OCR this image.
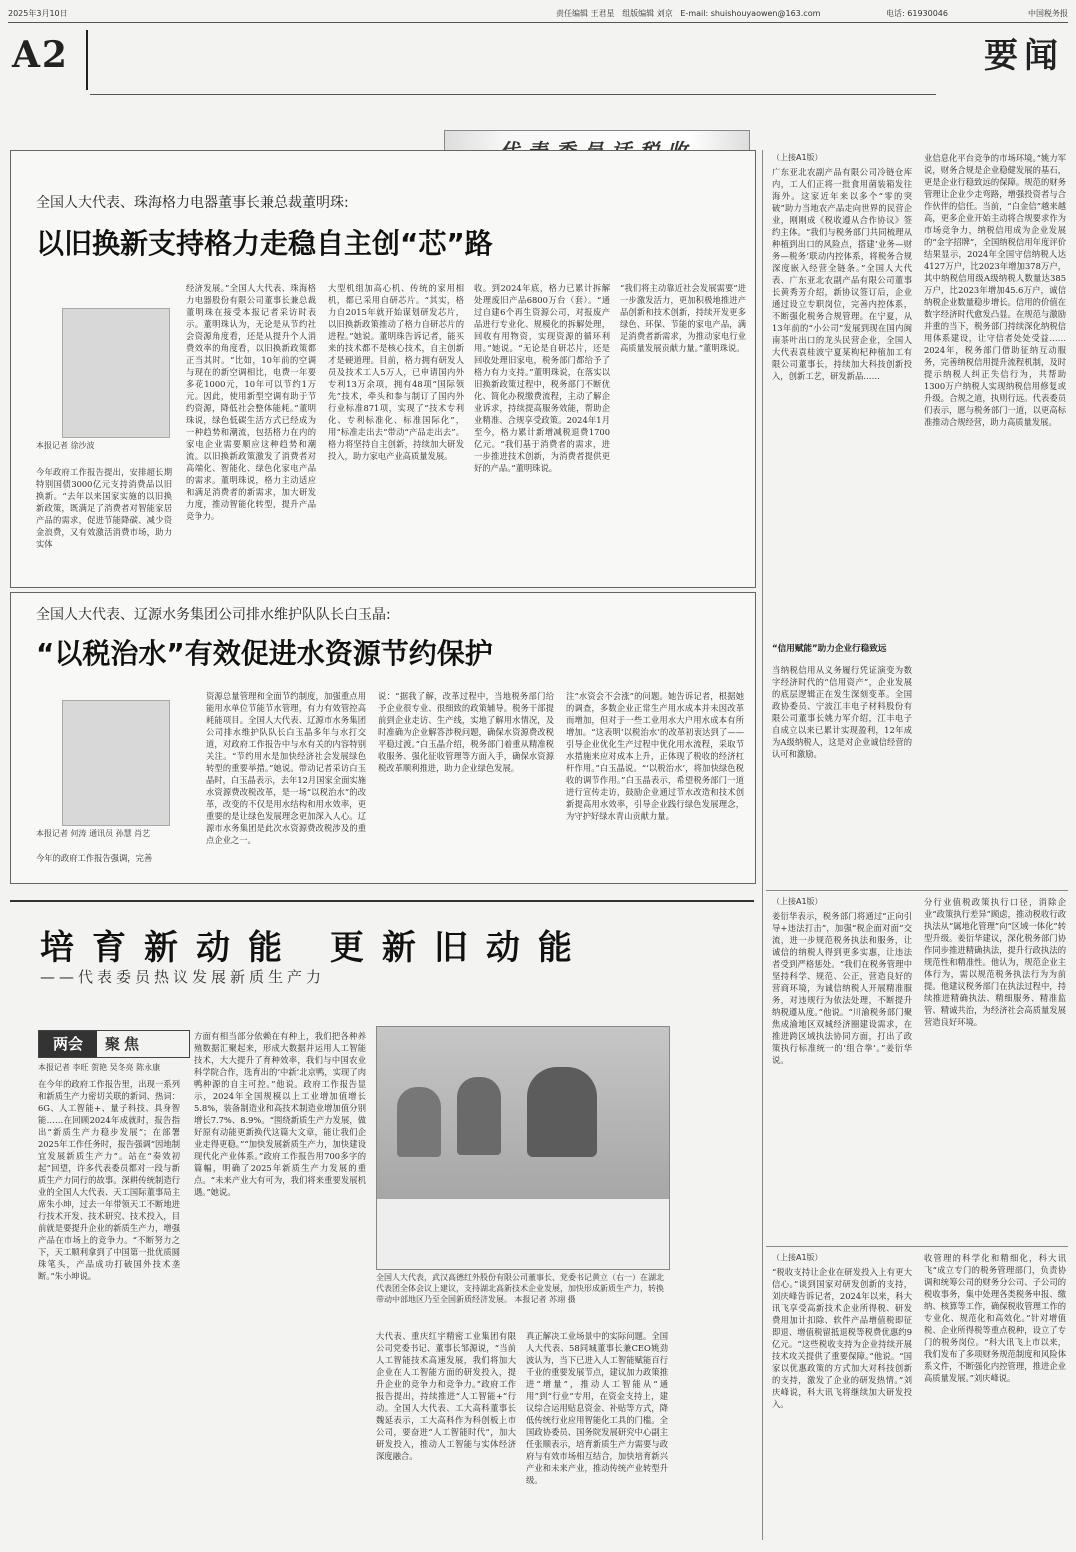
2025年3月10日	责任编辑 王君星 组版编辑 刘京 E-mail: shuishouyaowen@163.com	电话: 61930046	中国税务报
A2	要闻
全国人大代表、珠海格力电器董事长兼总裁董明珠:
以旧换新支持格力走稳自主创“芯”路
本报记者 徐沙波
今年政府工作报告提出，安排超长期特别国债3000亿元支持消费品以旧换新。“去年以来国家实施的以旧换新政策，既满足了消费者对智能家居产品的需求，促进节能降碳、减少资金浪费，又有效激活消费市场，助力实体
经济发展。”全国人大代表、珠海格力电器股份有限公司董事长兼总裁董明珠在接受本报记者采访时表示。董明珠认为，无论是从节约社会资源角度看，还是从提升个人消费效率的角度看，以旧换新政策都正当其时。“比如，10年前的空调与现在的新空调相比，电费一年要多花1000元，10年可以节约1万元。因此，使用新型空调有助于节约资源，降低社会整体能耗。”董明珠说，绿色低碳生活方式已经成为一种趋势和潮流，包括格力在内的家电企业需要顺应这种趋势和潮流。以旧换新政策激发了消费者对高端化、智能化、绿色化家电产品的需求。董明珠说，格力主动适应和满足消费者的新需求，加大研发力度，推动智能化转型，提升产品竞争力。
大型机组加高心机、传统的家用相机，都已采用自研芯片。“其实，格力自2015年就开始谋划研发芯片，以旧换新政策推动了格力自研芯片的进程。”她说。董明珠告诉记者，能买来的技术都不是核心技术，自主创新才是硬道理。目前，格力拥有研发人员及技术工人5万人，已申请国内外专利13万余项，拥有48项“国际领先”技术，牵头和参与制订了国内外行业标准871项，实现了“技术专利化、专利标准化、标准国际化”，用“标准走出去”带动“产品走出去”。格力将坚持自主创新，持续加大研发投入，助力家电产业高质量发展。
收。到2024年底，格力已累计拆解处理废旧产品6800万台（套）。“通过自建6个再生资源公司，对报废产品进行专业化、规模化的拆解处理，回收有用物资，实现资源的循环利用。”她说。“无论是自研芯片，还是回收处理旧家电，税务部门都给予了格力有力支持。”董明珠说，在落实以旧换新政策过程中，税务部门不断优化、简化办税缴费流程，主动了解企业诉求，持续提高服务效能，帮助企业精准、合规享受政策。2024年1月至今，格力累计新增减税退费1700亿元。“我们基于消费者的需求，进一步推进技术创新，为消费者提供更好的产品。”董明珠说。
“我们将主动靠近社会发展需要”进一步激发活力，更加积极地推进产品创新和技术创新，持续开发更多绿色、环保、节能的家电产品，满足消费者新需求，为推动家电行业高质量发展贡献力量。”董明珠说。
全国人大代表、辽源水务集团公司排水维护队队长白玉晶:
“以税治水”有效促进水资源节约保护
本报记者 何涛 通讯员 孙慧 肖艺
今年的政府工作报告强调，完善
资源总量管理和全面节约制度，加强重点用能用水单位节能节水管理，有力有效管控高耗能项目。全国人大代表、辽源市水务集团公司排水维护队队长白玉晶多年与水打交道，对政府工作报告中与水有关的内容特别关注。“节约用水是加快经济社会发展绿色转型的重要举措。”她说。带动记者采访白玉晶时，白玉晶表示，去年12月国家全面实施水资源费改税改革，是一场“以税治水”的改革，改变的不仅是用水结构和用水效率，更重要的是让绿色发展理念更加深入人心。辽源市水务集团是此次水资源费改税涉及的重点企业之一。
说：“据我了解，改革过程中，当地税务部门给予企业很专业、很细致的政策辅导。税务干部提前到企业走访、生产线，实地了解用水情况，及时准确为企业解答涉税问题，确保水资源费改税平稳过渡。”白玉晶介绍，税务部门着重从精准税收服务、强化征收管理等方面入手，确保水资源税改革顺利推进，助力企业绿色发展。
注“水资会不会涨”的问题。她告诉记者，根据她的调查，多数企业正常生产用水成本并未因改革而增加，但对于一些工业用水大户用水成本有所增加。“这表明‘以税治水’的改革初衷达到了——引导企业优化生产过程中优化用水流程，采取节水措施来应对成本上升，正体现了税收的经济杠杆作用。”白玉晶说。“‘以税治水’，将加快绿色税收的调节作用。”白玉晶表示，希望税务部门一道进行宣传走访，鼓励企业通过节水改造和技术创新提高用水效率，引导企业践行绿色发展理念，为守护好绿水青山贡献力量。
（上接A1版）
广东亚北农副产品有限公司冷链仓库内，工人们正将一批食用菌装箱发往海外。这家近年来以多个“零的突破”助力当地农产品走向世界的民营企业，刚刚成《税收遵从合作协议》签约主体。“我们与税务部门共同梳理从种植到出口的风险点，搭建‘业务—财务—税务’联动内控体系，将税务合规深度嵌入经营全链条。”全国人大代表、广东亚北农副产品有限公司董事长黄秀芳介绍，新协议签订后，企业通过设立专职岗位，完善内控体系，不断强化税务合规管理。在宁夏，从13年前的“小公司”发展到现在国内闽南茶叶出口的龙头民营企业，全国人大代表袁桂波宁夏某枸杞种植加工有限公司董事长，持续加大科技创新投入，创新工艺，研发新品……
“信用赋能”助力企业行稳致远
当纳税信用从义务履行凭证演变为数字经济时代的“信用资产”，企业发展的底层逻辑正在发生深刻变革。全国政协委员、宁波江丰电子材料股份有限公司董事长姚力军介绍，江丰电子自成立以来已累计实现盈利，12年成为A级纳税人，这是对企业诚信经营的认可和激励。
业信息化平台竞争的市场环境。”姚力军说，财务合规是企业稳健发展的基石，更是企业行稳致远的保障。规范的财务管理让企业少走弯路，增强投资者与合作伙伴的信任。当前，“白金信”越来越高，更多企业开始主动将合规要求作为市场竞争力，纳税信用成为企业发展的“金字招牌”，全国纳税信用年度评价结果显示，2024年全国守信纳税人达4127万户，比2023年增加378万户，其中纳税信用级A级纳税人数量达385万户，比2023年增加45.6万户，诚信纳税企业数量稳步增长。信用的价值在数字经济时代愈发凸显。在规范与激励并重的当下，税务部门持续深化纳税信用体系建设，让守信者处处受益……2024年，税务部门借助征纳互动服务，完善纳税信用提升流程机制，及时提示纳税人纠正失信行为，共帮助1300万户纳税人实现纳税信用修复或升级。合规之道，执则行远。代表委员们表示，愿与税务部门一道，以更高标准推动合规经营，助力高质量发展。
（上接A1版）
姜衍华表示，税务部门将通过“正向引导+违法打击”，加强“税企面对面”交流，进一步规范税务执法和服务，让诚信的纳税人得到更多实惠，让违法者受到严格惩处。“我们在税务管理中坚持科学、规范、公正，营造良好的营商环境，为诚信纳税人开展精准服务，对违规行为依法处理，不断提升纳税遵从度。”他说。“川渝税务部门聚焦成渝地区双城经济圈建设需求，在推进跨区域执法协同方面，打出了政策执行标准统一的‘组合拳’。”姜衍华说。
分行业值税政策执行口径，消除企业“政策执行差异”顾虑，推动税收行政执法从“属地化管理”向“区域一体化”转型升级。姜衍华建议，深化税务部门协作同步推进精确执法，提升行政执法的规范性和精准性。他认为，规范企业主体行为，需以规范税务执法行为为前提。他建议税务部门在执法过程中，持续推进精确执法、精细服务、精准监管、精诚共治，为经济社会高质量发展营造良好环境。
（上接A1版）
“税收支持让企业在研发投入上有更大信心。”谈到国家对研发创新的支持，刘庆峰告诉记者，2024年以来，科大讯飞享受高新技术企业所得税、研发费用加计扣除、软件产品增值税即征即退、增值税留抵退税等税费优惠约9亿元。“这些税收支持为企业持续开展技术攻关提供了重要保障。”他说。“国家以优惠政策的方式加大对科技创新的支持，激发了企业的研发热情。”刘庆峰说，科大讯飞将继续加大研发投入。
收管理的科学化和精细化，科大讯飞“成立专门的税务管理部门，负责协调和统筹公司的财务分公司、子公司的税收事务，集中处理各类税务申报、缴纳、核算等工作，确保税收管理工作的专业化、规范化和高效化。”针对增值税、企业所得税等重点税种，设立了专门的税务岗位。“科大讯飞上市以来，我们发布了多项财务规范制度和风险体系文件，不断强化内控管理，推进企业高质量发展。”刘庆峰说。
培育新动能 更新旧动能
——代表委员热议发展新质生产力
两会	聚焦
本报记者 李旺 贺艳 吴冬亮 陈永康
在今年的政府工作报告里，出现一系列和新质生产力密切关联的新词、热词：6G、人工智能+、量子科技、具身智能……在回顾2024年成就时，报告指出“新质生产力稳步发展”；在部署2025年工作任务时，报告强调“因地制宜发展新质生产力”。站在“奏效初起”回望，许多代表委员都对一段与新质生产力同行的故事。深耕传统制造行业的全国人大代表、天工国际董事局主席朱小坤，过去一年带领天工不断地进行技术开发、技术研究、技术投入，目前就是要提升企业的新质生产力，增强产品在市场上的竞争力。“不断努力之下，天工顺利拿到了中国第一批优质圆珠笔头，产品成功打破国外技术垄断。”朱小坤说。
方面有相当部分依赖在有种上，我们把各种养殖数据汇聚起来，形成大数据并运用人工智能技术，大大提升了育种效率，我们与中国农业科学院合作，选育出的‘中新’北京鸭，实现了肉鸭种源的自主可控。”他说。政府工作报告显示，2024年全国规模以上工业增加值增长5.8%，装备制造业和高技术制造业增加值分别增长7.7%、8.9%。“围绕新质生产力发展，做好原有动能更新换代这篇大文章，能让我们企业走得更稳。”“加快发展新质生产力，加快建设现代化产业体系。”政府工作报告用700多字的篇幅，明确了2025年新质生产力发展的重点。“未来产业大有可为，我们将来重要发展机遇。”她说。
全国人大代表，武汉高德红外股份有限公司董事长、党委书记黄立（右一）在湖北代表团全体会议上建议，支持湖北高新技术企业发展，加快形成新质生产力，转换带动中部地区乃至全国新质经济发展。 本报记者 苏翊 摄
大代表、重庆红宇精密工业集团有限公司党委书记、董事长邹源说，“当前人工智能技术高速发展，我们将加大企业在人工智能方面的研发投入，提升企业的竞争力和竞争力。”政府工作报告提出，持续推进“人工智能+”行动。全国人大代表、工大高科董事长魏延表示，工大高科作为科创板上市公司，要奋进“人工智能时代”，加大研发投入，推动人工智能与实体经济深度融合。
真正解决工业场景中的实际问题。全国人大代表、58同城董事长兼CEO姚劲波认为，当下已进入人工智能赋能百行千业的重要发展节点，建议加力政策推进“增量”，推动人工智能从“通用”到“行业”专用，在资金支持上，建议综合运用贴息资金、补贴等方式，降低传统行业应用智能化工具的门槛。全国政协委员、国务院发展研究中心副主任张顺表示，培育新质生产力需要与政府与有效市场相互结合，加快培育新兴产业和未来产业，推动传统产业转型升级。
